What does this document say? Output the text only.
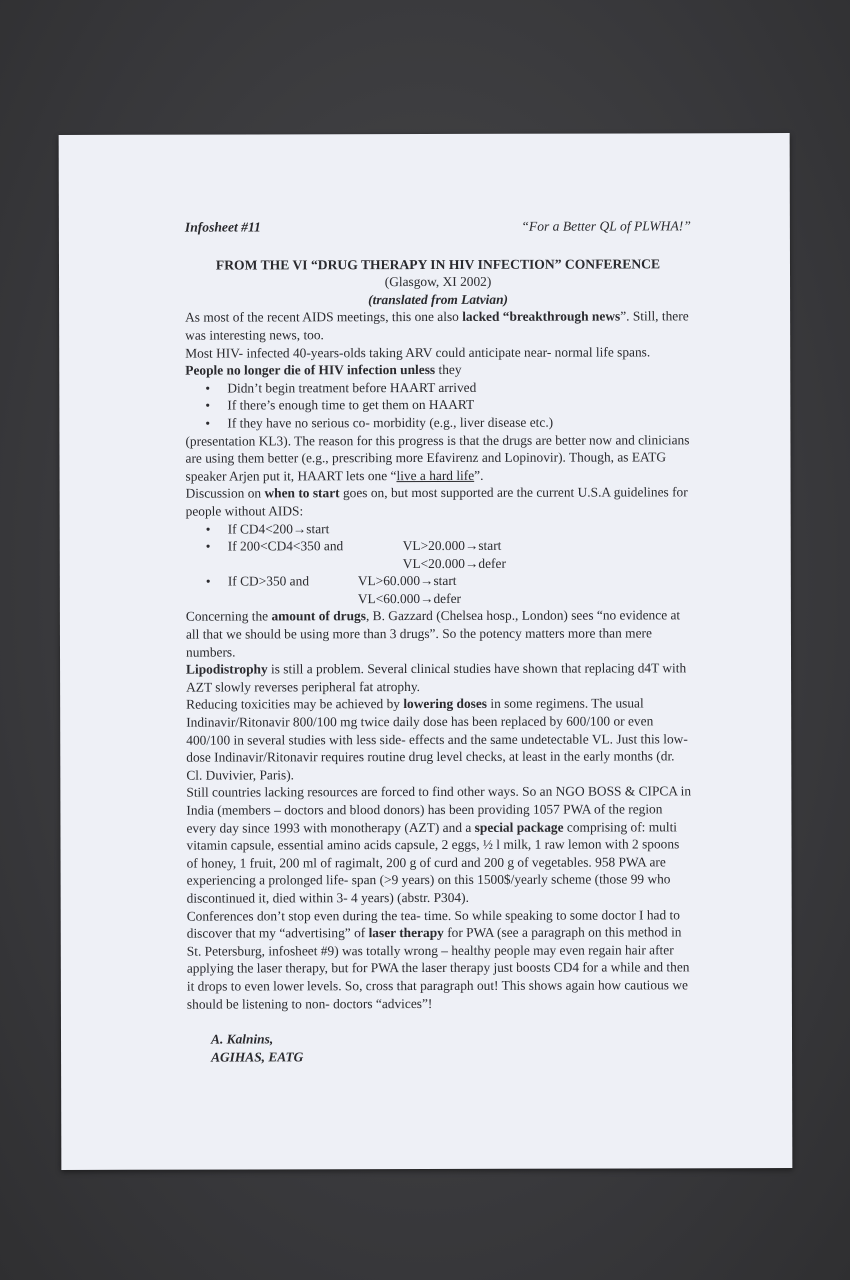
Infosheet #11	“For a Better QL of PLWHA!”
FROM THE VI “DRUG THERAPY IN HIV INFECTION” CONFERENCE
(Glasgow, XI 2002)
(translated from Latvian)

As most of the recent AIDS meetings, this one also lacked “breakthrough news”. Still, there was interesting news, too.

Most HIV- infected 40-years-olds taking ARV could anticipate near- normal life spans. People no longer die of HIV infection unless they

• Didn’t begin treatment before HAART arrived
• If there’s enough time to get them on HAART
• If they have no serious co- morbidity (e.g., liver disease etc.)

(presentation KL3). The reason for this progress is that the drugs are better now and clinicians are using them better (e.g., prescribing more Efavirenz and Lopinovir). Though, as EATG speaker Arjen put it, HAART lets one “live a hard life”.

Discussion on when to start goes on, but most supported are the current U.S.A guidelines for people without AIDS:

• If CD4<200→start
• If 200<CD4<350 and	VL>20.000→start
VL<20.000→defer
• If CD>350 and	VL>60.000→start
VL<60.000→defer

Concerning the amount of drugs, B. Gazzard (Chelsea hosp., London) sees “no evidence at all that we should be using more than 3 drugs”. So the potency matters more than mere numbers.

Lipodistrophy is still a problem. Several clinical studies have shown that replacing d4T with AZT slowly reverses peripheral fat atrophy.

Reducing toxicities may be achieved by lowering doses in some regimens. The usual Indinavir/Ritonavir 800/100 mg twice daily dose has been replaced by 600/100 or even 400/100 in several studies with less side- effects and the same undetectable VL. Just this low- dose Indinavir/Ritonavir requires routine drug level checks, at least in the early months (dr. Cl. Duvivier, Paris).

Still countries lacking resources are forced to find other ways. So an NGO BOSS & CIPCA in India (members – doctors and blood donors) has been providing 1057 PWA of the region every day since 1993 with monotherapy (AZT) and a special package comprising of: multi vitamin capsule, essential amino acids capsule, 2 eggs, ½ l milk, 1 raw lemon with 2 spoons of honey, 1 fruit, 200 ml of ragimalt, 200 g of curd and 200 g of vegetables. 958 PWA are experiencing a prolonged life- span (>9 years) on this 1500$/yearly scheme (those 99 who discontinued it, died within 3- 4 years) (abstr. P304).

Conferences don’t stop even during the tea- time. So while speaking to some doctor I had to discover that my “advertising” of laser therapy for PWA (see a paragraph on this method in St. Petersburg, infosheet #9) was totally wrong – healthy people may even regain hair after applying the laser therapy, but for PWA the laser therapy just boosts CD4 for a while and then it drops to even lower levels. So, cross that paragraph out! This shows again how cautious we should be listening to non- doctors “advices”!

A. Kalnins,
AGIHAS, EATG
